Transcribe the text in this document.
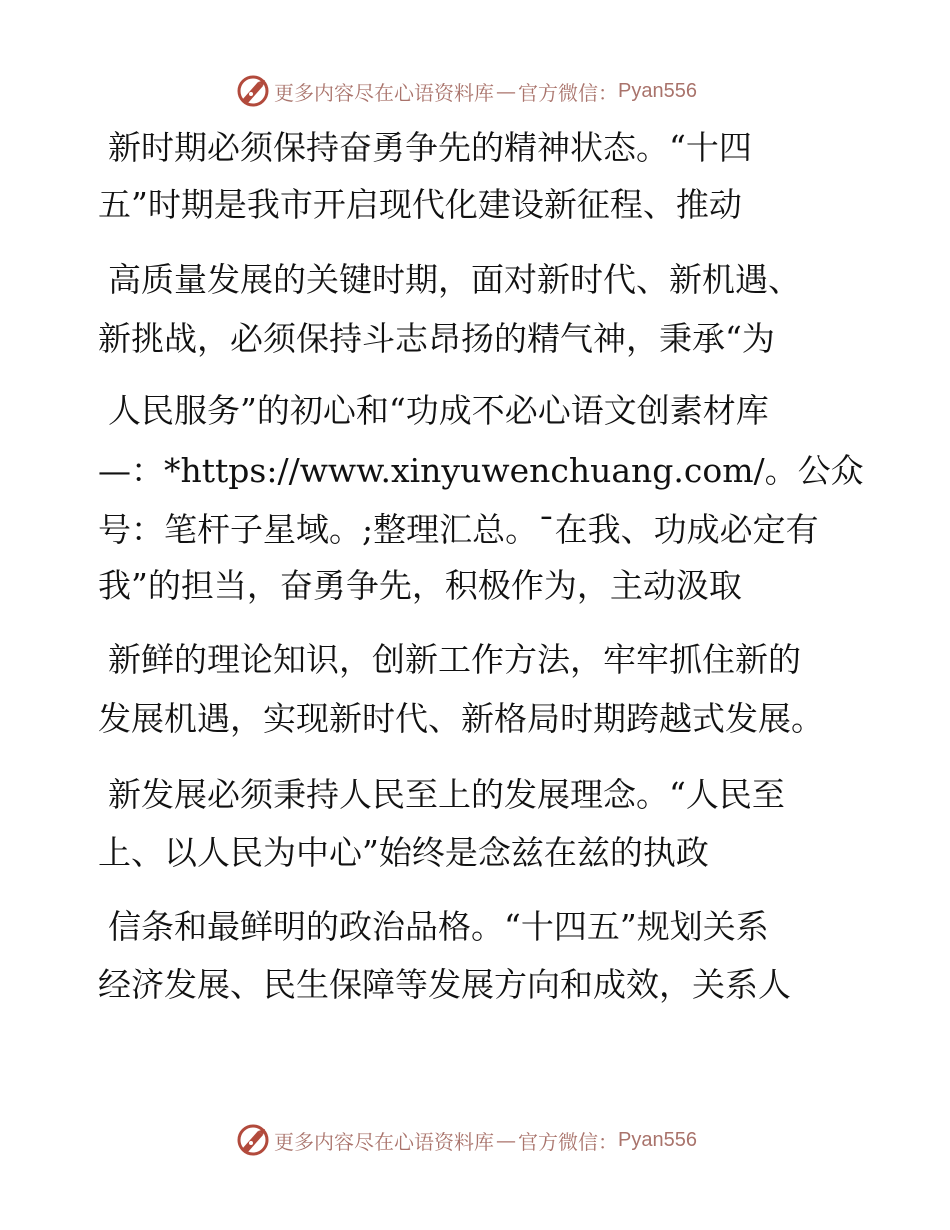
更多内容尽在心语资料库 — 官方微信： Pyan556
新时期必须保持奋勇争先的精神状态。“十四
五”时期是我市开启现代化建设新征程、推动
高质量发展的关键时期，面对新时代、新机遇、
新挑战，必须保持斗志昂扬的精气神，秉承“为
人民服务”的初心和“功成不必心语文创素材库
—：*https://www.xinyuwenchuang.com/。公众
号：笔杆子星域。;整理汇总。¯在我、功成必定有
我”的担当，奋勇争先，积极作为，主动汲取
新鲜的理论知识，创新工作方法，牢牢抓住新的
发展机遇，实现新时代、新格局时期跨越式发展。
新发展必须秉持人民至上的发展理念。“人民至
上、以人民为中心”始终是念兹在兹的执政
信条和最鲜明的政治品格。“十四五”规划关系
经济发展、民生保障等发展方向和成效，关系人
更多内容尽在心语资料库 — 官方微信： Pyan556
